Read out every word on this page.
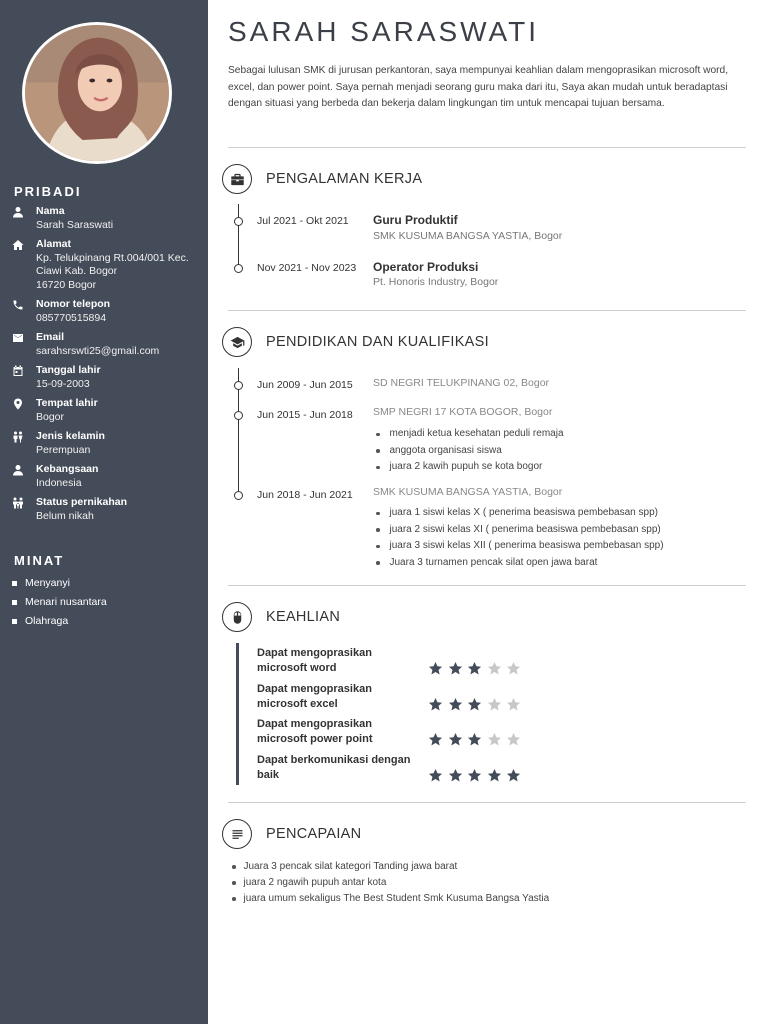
PRIBADI
Nama
Sarah Saraswati
Alamat
Kp. Telukpinang Rt.004/001 Kec.
Ciawi Kab. Bogor
16720 Bogor
Nomor telepon
085770515894
Email
sarahsrswti25@gmail.com
Tanggal lahir
15-09-2003
Tempat lahir
Bogor
Jenis kelamin
Perempuan
Kebangsaan
Indonesia
Status pernikahan
Belum nikah
MINAT
Menyanyi
Menari nusantara
Olahraga
SARAH SARASWATI

Sebagai lulusan SMK di jurusan perkantoran, saya mempunyai keahlian dalam mengoprasikan microsoft word, excel, dan power point. Saya pernah menjadi seorang guru maka dari itu, Saya akan mudah untuk beradaptasi dengan situasi yang berbeda dan bekerja dalam lingkungan tim untuk mencapai tujuan bersama.

PENGALAMAN KERJA
Jul 2021 - Okt 2021 Guru Produktif
SMK KUSUMA BANGSA YASTIA, Bogor
Nov 2021 - Nov 2023 Operator Produksi
Pt. Honoris Industry, Bogor
PENDIDIKAN DAN KUALIFIKASI
Jun 2009 - Jun 2015 SD NEGRI TELUKPINANG 02, Bogor
Jun 2015 - Jun 2018 SMP NEGRI 17 KOTA BOGOR, Bogor
menjadi ketua kesehatan peduli remaja
anggota organisasi siswa
juara 2 kawih pupuh se kota bogor
Jun 2018 - Jun 2021 SMK KUSUMA BANGSA YASTIA, Bogor
juara 1 siswi kelas X ( penerima beasiswa pembebasan spp)
juara 2 siswi kelas XI ( penerima beasiswa pembebasan spp)
juara 3 siswi kelas XII ( penerima beasiswa pembebasan spp)
Juara 3 turnamen pencak silat open jawa barat
KEAHLIAN
Dapat mengoprasikan microsoft word
Dapat mengoprasikan microsoft excel
Dapat mengoprasikan microsoft power point
Dapat berkomunikasi dengan baik
PENCAPAIAN
Juara 3 pencak silat kategori Tanding jawa barat
juara 2 ngawih pupuh antar kota
juara umum sekaligus The Best Student Smk Kusuma Bangsa Yastia
